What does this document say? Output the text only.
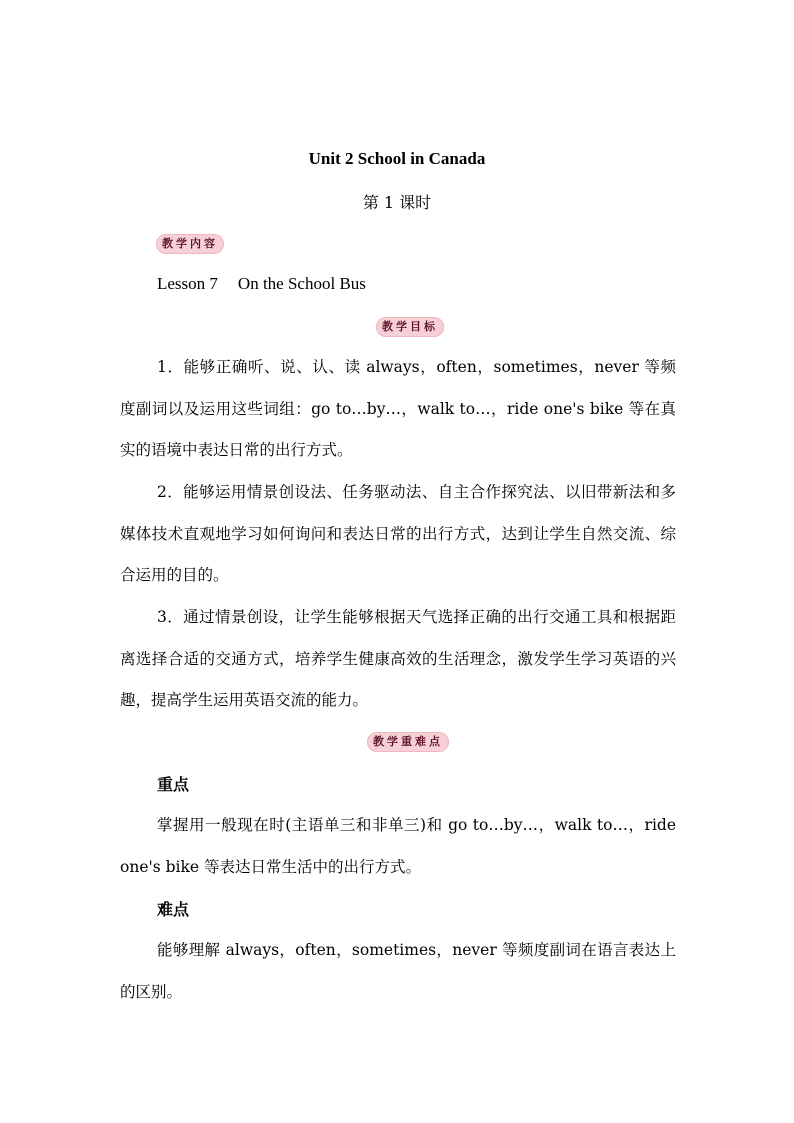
Unit 2 School in Canada
第 1 课时
教学内容
Lesson 7 On the School Bus
教学目标

1．能够正确听、说、认、读 always，often，sometimes，never 等频度副词以及运用这些词组：go to…by…，walk to…，ride one's bike 等在真实的语境中表达日常的出行方式。

2．能够运用情景创设法、任务驱动法、自主合作探究法、以旧带新法和多媒体技术直观地学习如何询问和表达日常的出行方式，达到让学生自然交流、综合运用的目的。

3．通过情景创设，让学生能够根据天气选择正确的出行交通工具和根据距离选择合适的交通方式，培养学生健康高效的生活理念，激发学生学习英语的兴趣，提高学生运用英语交流的能力。

教学重难点
重点

掌握用一般现在时(主语单三和非单三)和 go to…by…，walk to…，ride one's bike 等表达日常生活中的出行方式。

难点

能够理解 always，often，sometimes，never 等频度副词在语言表达上的区别。
